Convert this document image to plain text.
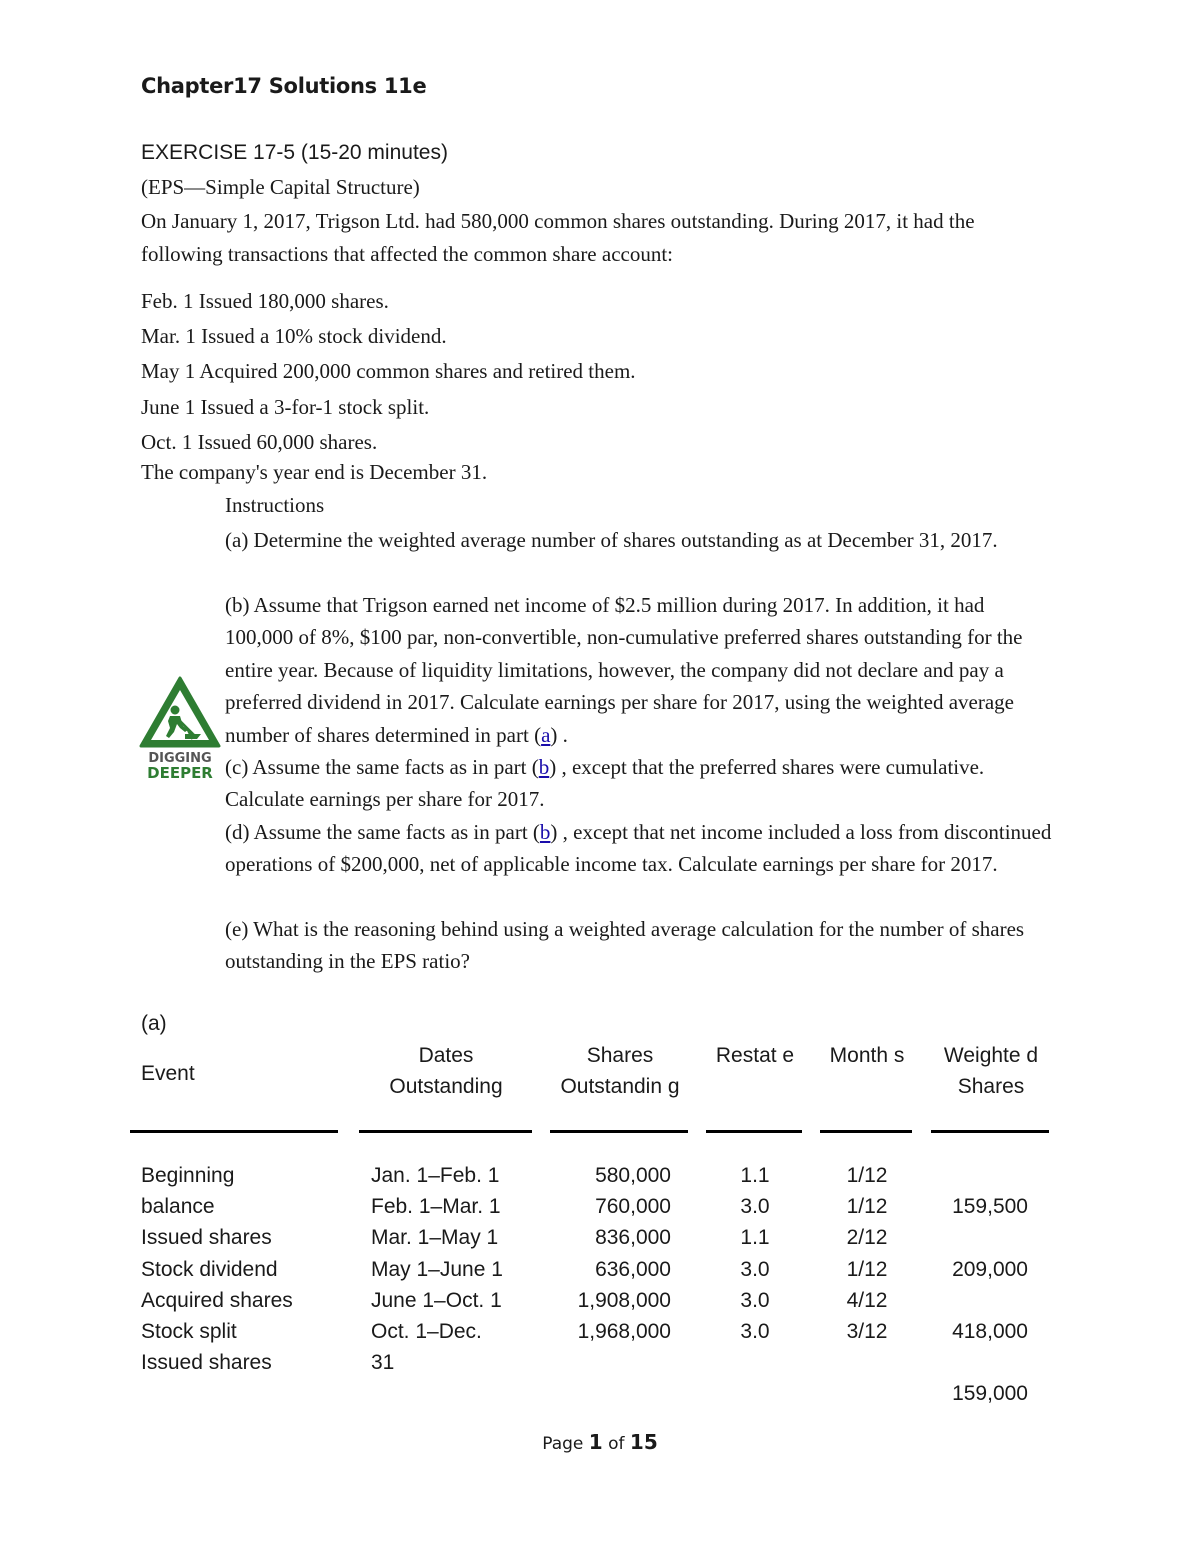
Chapter17 Solutions 11e
EXERCISE 17-5 (15-20 minutes)
(EPS—Simple Capital Structure)
On January 1, 2017, Trigson Ltd. had 580,000 common shares outstanding. During 2017, it had the following transactions that affected the common share account:
Feb. 1 Issued 180,000 shares.
Mar. 1 Issued a 10% stock dividend.
May 1 Acquired 200,000 common shares and retired them.
June 1 Issued a 3-for-1 stock split.
Oct. 1 Issued 60,000 shares.
The company's year end is December 31.
Instructions
(a) Determine the weighted average number of shares outstanding as at December 31, 2017.
(b) Assume that Trigson earned net income of $2.5 million during 2017. In addition, it had 100,000 of 8%, $100 par, non-convertible, non-cumulative preferred shares outstanding for the entire year. Because of liquidity limitations, however, the company did not declare and pay a preferred dividend in 2017. Calculate earnings per share for 2017, using the weighted average number of shares determined in part (a) .
(c) Assume the same facts as in part (b) , except that the preferred shares were cumulative. Calculate earnings per share for 2017.
(d) Assume the same facts as in part (b) , except that net income included a loss from discontinued operations of $200,000, net of applicable income tax. Calculate earnings per share for 2017.
(e) What is the reasoning behind using a weighted average calculation for the number of shares outstanding in the EPS ratio?
DIGGING
DEEPER
(a)
Event
Dates Outstanding
Shares Outstandin g
Restat e Month s Weighte d Shares
Beginning
balance
Issued shares
Stock dividend
Acquired shares
Stock split
Issued shares
Jan. 1–Feb. 1
Feb. 1–Mar. 1
Mar. 1–May 1
May 1–June 1
June 1–Oct. 1
Oct. 1–Dec.
31
580,000
760,000
836,000
636,000
1,908,000
1,968,000
1.1
3.0
1.1
3.0
3.0
3.0
1/12
1/12
2/12
1/12
4/12
3/12
159,500
209,000
418,000
159,000
Page 1 of 15
